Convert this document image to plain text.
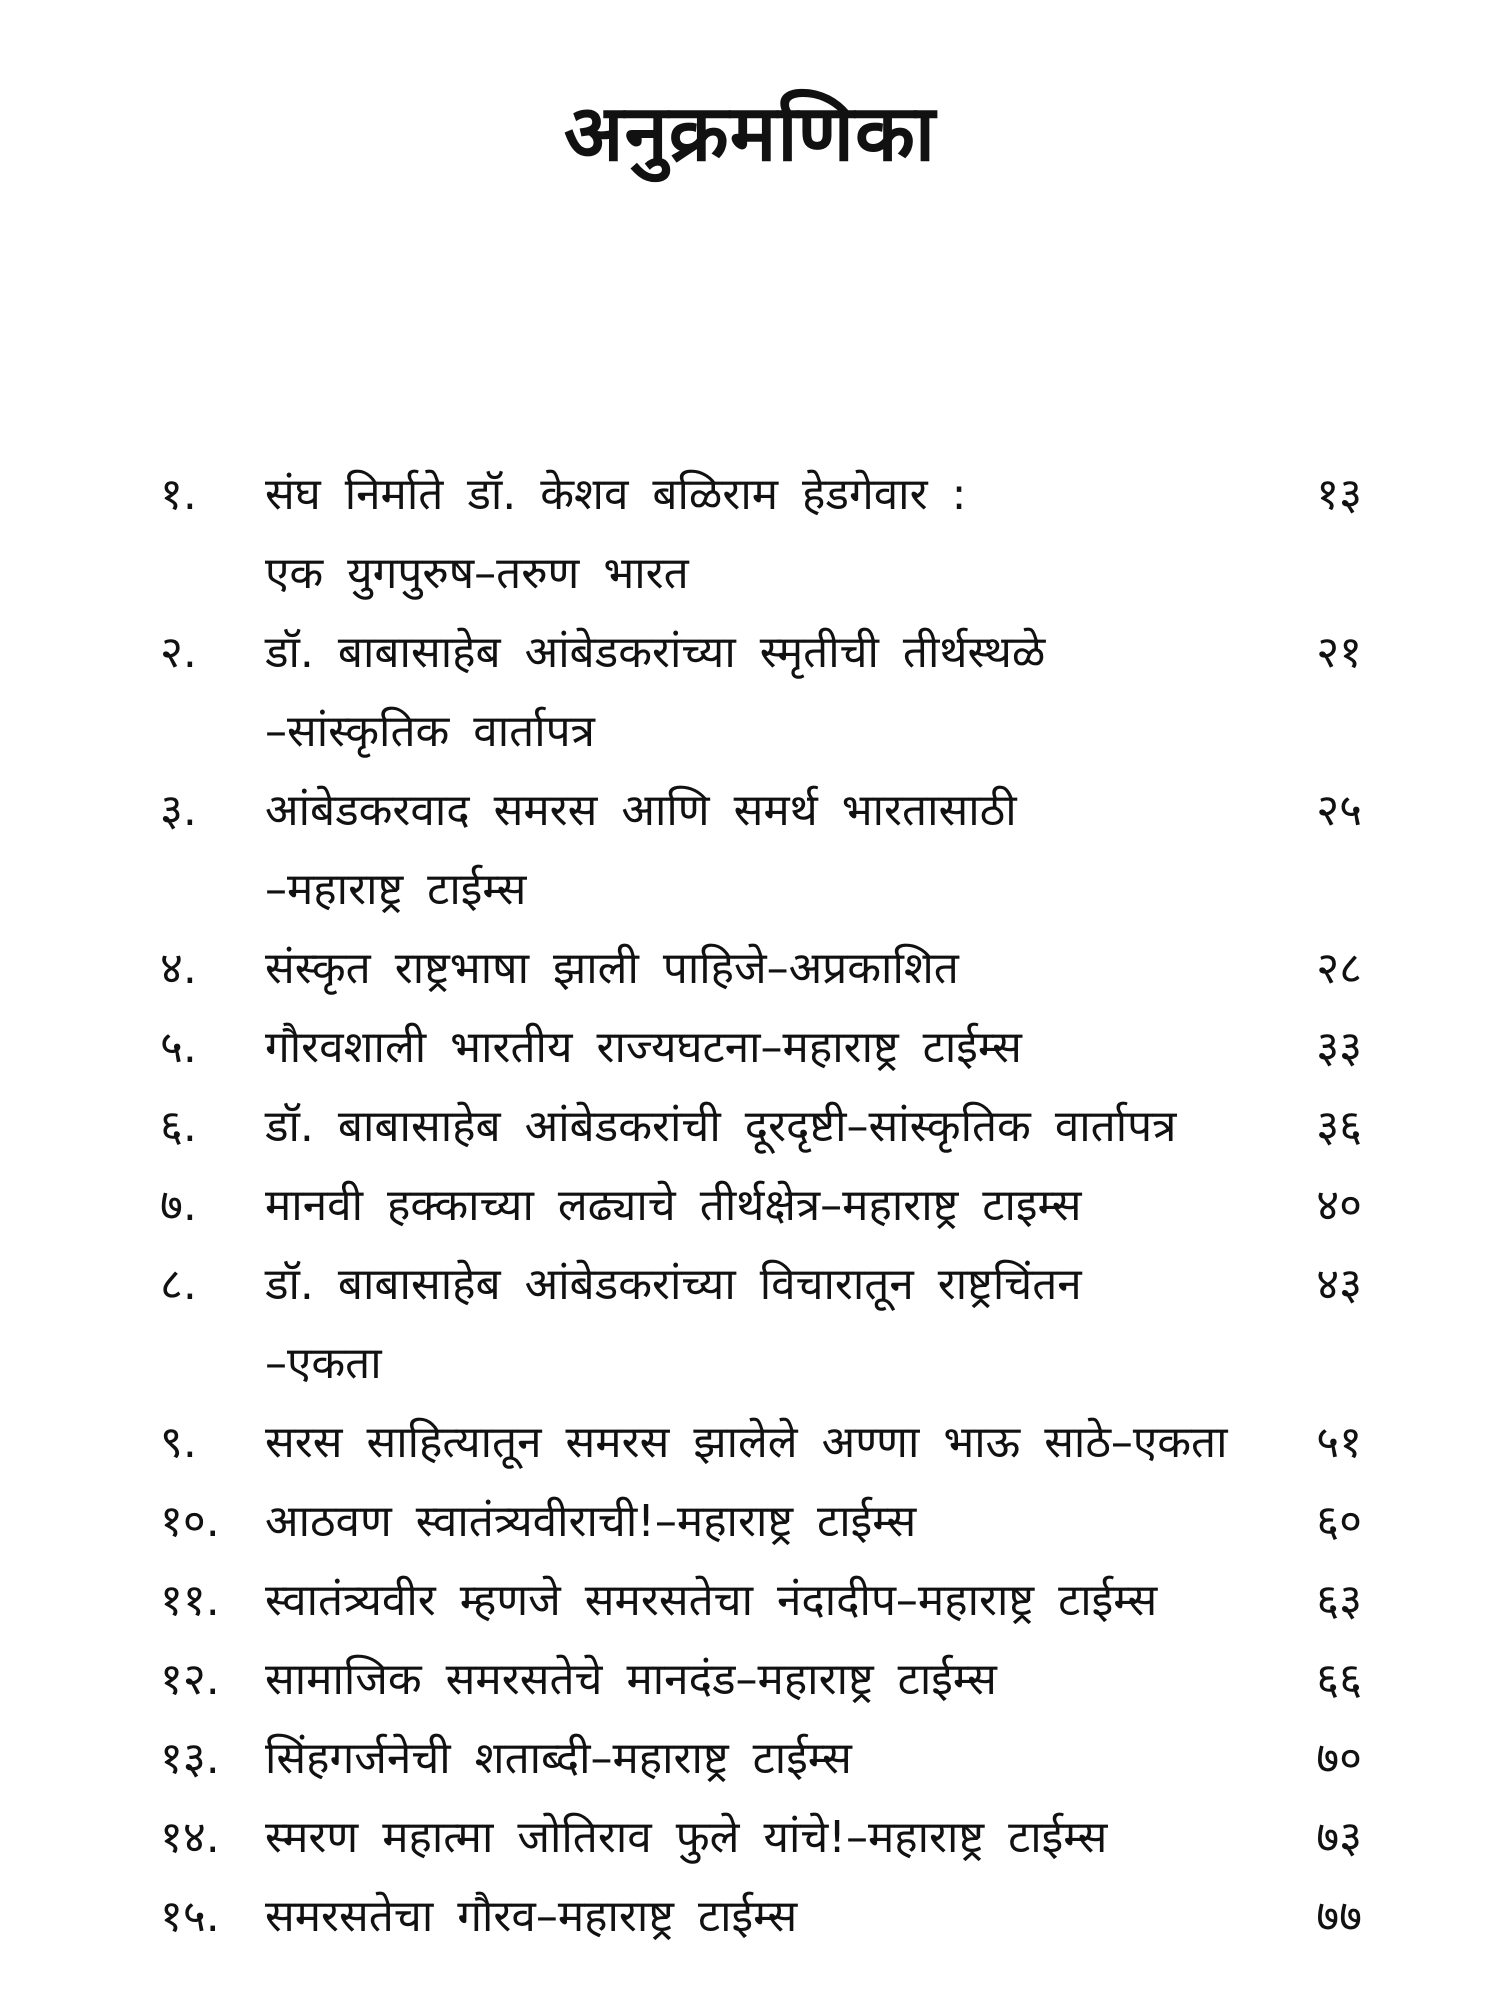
अनुक्रमणिका
१. संघ निर्माते डॉ. केशव बळिराम हेडगेवार :	१३
एक युगपुरुष–तरुण भारत
२. डॉ. बाबासाहेब आंबेडकरांच्या स्मृतीची तीर्थस्थळे	२१
–सांस्कृतिक वार्तापत्र
३. आंबेडकरवाद समरस आणि समर्थ भारतासाठी	२५
–महाराष्ट्र टाईम्स
४. संस्कृत राष्ट्रभाषा झाली पाहिजे–अप्रकाशित	२८
५. गौरवशाली भारतीय राज्यघटना–महाराष्ट्र टाईम्स	३३
६. डॉ. बाबासाहेब आंबेडकरांची दूरदृष्टी–सांस्कृतिक वार्तापत्र	३६
७. मानवी हक्काच्या लढ्याचे तीर्थक्षेत्र–महाराष्ट्र टाइम्स	४०
८. डॉ. बाबासाहेब आंबेडकरांच्या विचारातून राष्ट्रचिंतन	४३
–एकता
९. सरस साहित्यातून समरस झालेले अण्णा भाऊ साठे–एकता ५१
१०. आठवण स्वातंत्र्यवीराची!–महाराष्ट्र टाईम्स	६०
११. स्वातंत्र्यवीर म्हणजे समरसतेचा नंदादीप–महाराष्ट्र टाईम्स	६३
१२. सामाजिक समरसतेचे मानदंड–महाराष्ट्र टाईम्स	६६
१३. सिंहगर्जनेची शताब्दी–महाराष्ट्र टाईम्स	७०
१४. स्मरण महात्मा जोतिराव फुले यांचे!–महाराष्ट्र टाईम्स	७३
१५. समरसतेचा गौरव–महाराष्ट्र टाईम्स	७७
